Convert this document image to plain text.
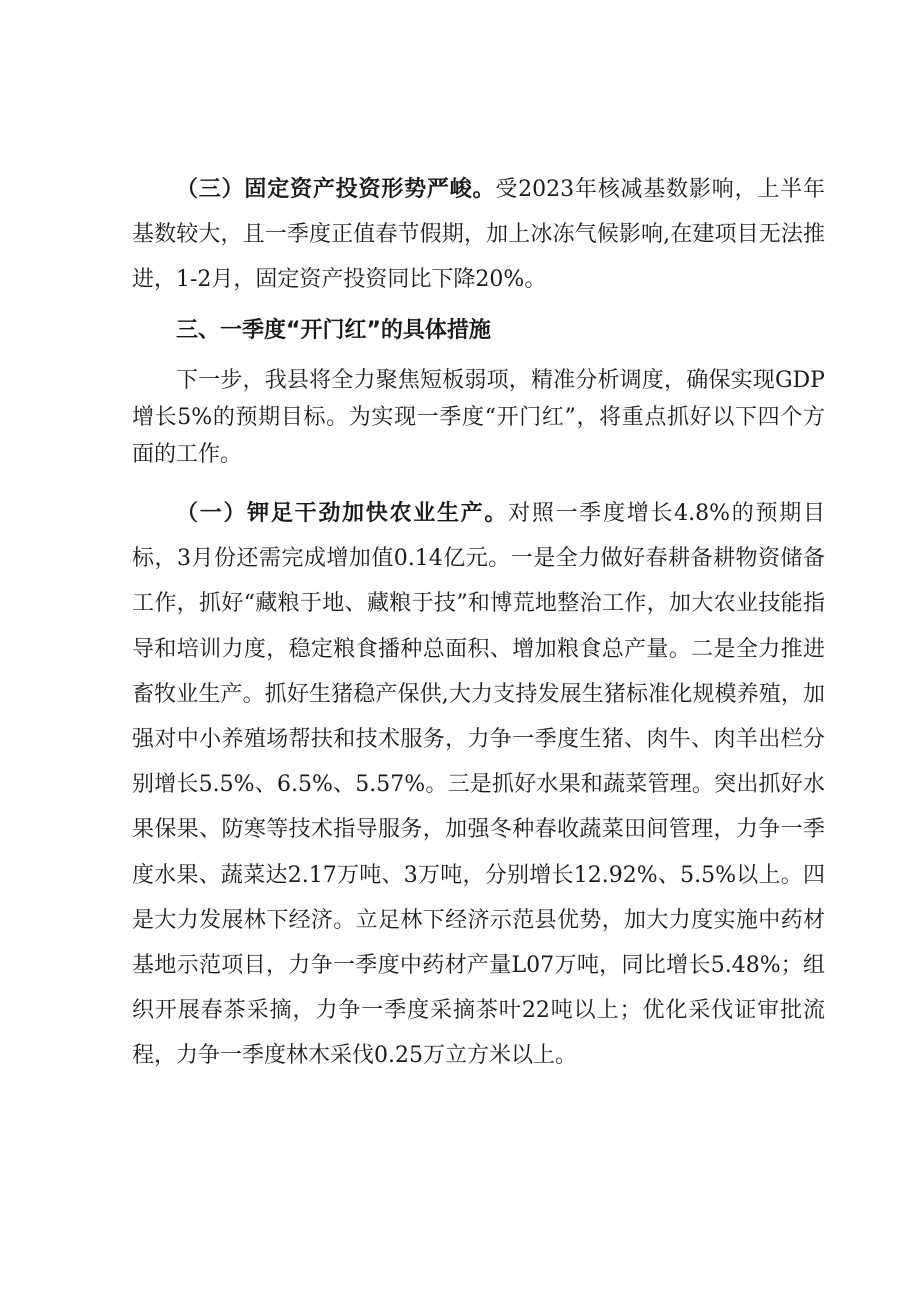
（三）固定资产投资形势严峻。受2023年核减基数影响，上半年基数较大，且一季度正值春节假期，加上冰冻气候影响,在建项目无法推进，1-2月，固定资产投资同比下降20%。

三、一季度“开门红”的具体措施

下一步，我县将全力聚焦短板弱项，精准分析调度，确保实现GDP增长5%的预期目标。为实现一季度“开门红”，将重点抓好以下四个方面的工作。

（一）钾足干劲加快农业生产。对照一季度增长4.8%的预期目标，3月份还需完成增加值0.14亿元。一是全力做好春耕备耕物资储备工作，抓好“藏粮于地、藏粮于技”和博荒地整治工作，加大农业技能指导和培训力度，稳定粮食播种总面积、增加粮食总产量。二是全力推进畜牧业生产。抓好生猪稳产保供,大力支持发展生猪标准化规模养殖，加强对中小养殖场帮扶和技术服务，力争一季度生猪、肉牛、肉羊出栏分别增长5.5%、6.5%、5.57%。三是抓好水果和蔬菜管理。突出抓好水果保果、防寒等技术指导服务，加强冬种春收蔬菜田间管理，力争一季度水果、蔬菜达2.17万吨、3万吨，分别增长12.92%、5.5%以上。四是大力发展林下经济。立足林下经济示范县优势，加大力度实施中药材基地示范项目，力争一季度中药材产量L07万吨，同比增长5.48%；组织开展春茶采摘，力争一季度采摘茶叶22吨以上；优化采伐证审批流程，力争一季度林木采伐0.25万立方米以上。
